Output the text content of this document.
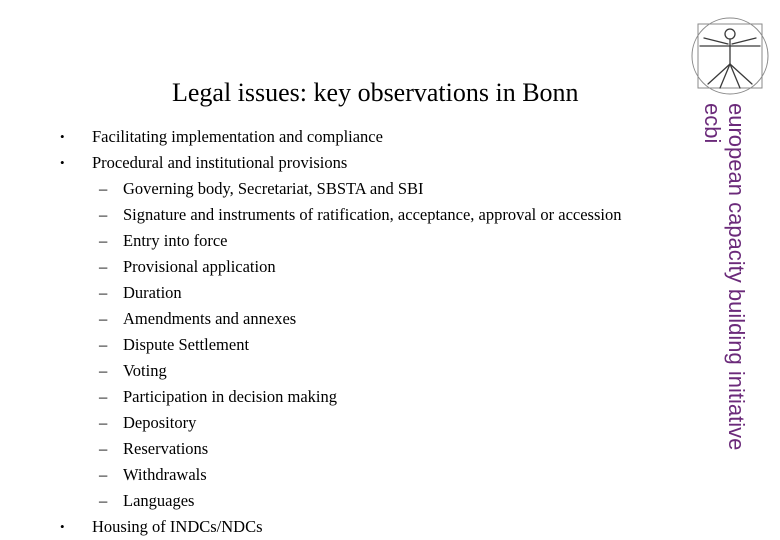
Legal issues: key observations in Bonn
•	Facilitating implementation and compliance
•	Procedural and institutional provisions
– Governing body, Secretariat, SBSTA and SBI
– Signature and instruments of ratification, acceptance, approval or accession
– Entry into force
– Provisional application
– Duration
– Amendments and annexes
– Dispute Settlement
– Voting
– Participation in decision making
– Depository
– Reservations
– Withdrawals
– Languages
•	Housing of INDCs/NDCs
european capacity building initiative
ecbi
